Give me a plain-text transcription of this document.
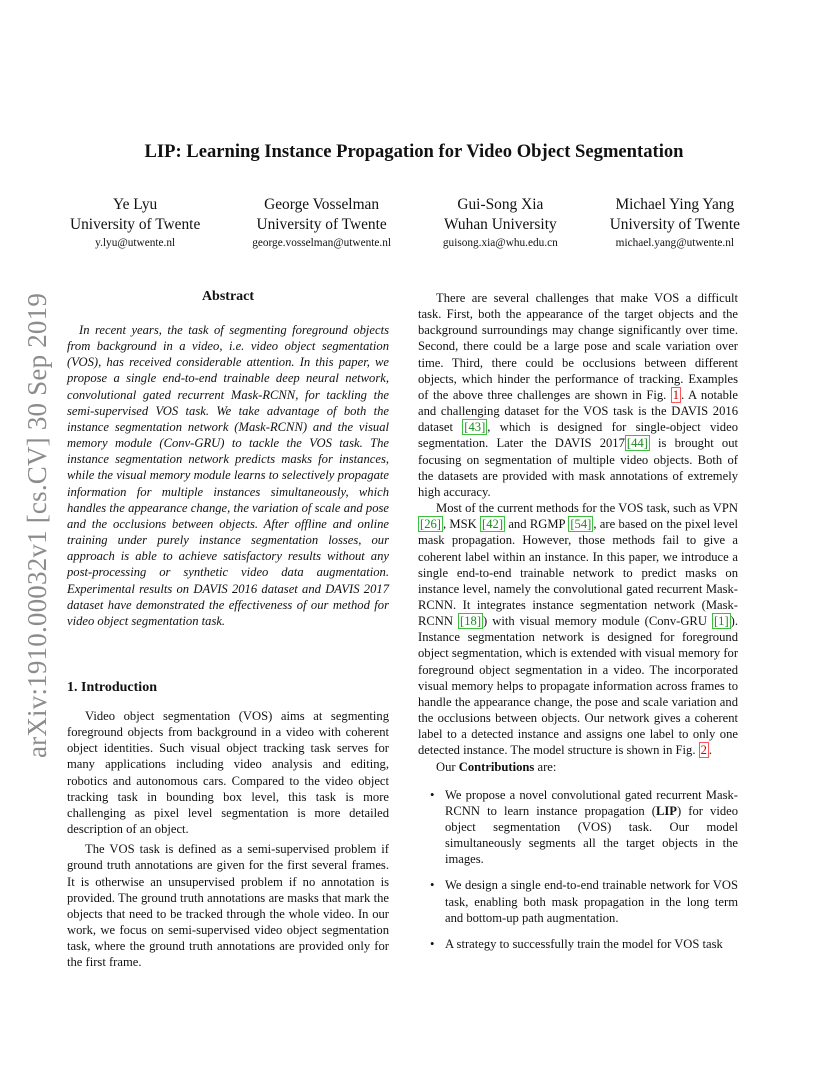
arXiv:1910.00032v1 [cs.CV] 30 Sep 2019
LIP: Learning Instance Propagation for Video Object Segmentation
Ye Lyu
University of Twente
y.lyu@utwente.nl
George Vosselman
University of Twente
george.vosselman@utwente.nl
Gui-Song Xia
Wuhan University
guisong.xia@whu.edu.cn
Michael Ying Yang
University of Twente
michael.yang@utwente.nl
Abstract

In recent years, the task of segmenting foreground objects from background in a video, i.e. video object segmentation (VOS), has received considerable attention. In this paper, we propose a single end-to-end trainable deep neural network, convolutional gated recurrent Mask-RCNN, for tackling the semi-supervised VOS task. We take advantage of both the instance segmentation network (Mask-RCNN) and the visual memory module (Conv-GRU) to tackle the VOS task. The instance segmentation network predicts masks for instances, while the visual memory module learns to selectively propagate information for multiple instances simultaneously, which handles the appearance change, the variation of scale and pose and the occlusions between objects. After offline and online training under purely instance segmentation losses, our approach is able to achieve satisfactory results without any post-processing or synthetic video data augmentation. Experimental results on DAVIS 2016 dataset and DAVIS 2017 dataset have demonstrated the effectiveness of our method for video object segmentation task.

1. Introduction

Video object segmentation (VOS) aims at segmenting foreground objects from background in a video with coherent object identities. Such visual object tracking task serves for many applications including video analysis and editing, robotics and autonomous cars. Compared to the video object tracking task in bounding box level, this task is more challenging as pixel level segmentation is more detailed description of an object.

The VOS task is defined as a semi-supervised problem if ground truth annotations are given for the first several frames. It is otherwise an unsupervised problem if no annotation is provided. The ground truth annotations are masks that mark the objects that need to be tracked through the whole video. In our work, we focus on semi-supervised video object segmentation task, where the ground truth annotations are provided only for the first frame.

There are several challenges that make VOS a difficult task. First, both the appearance of the target objects and the background surroundings may change significantly over time. Second, there could be a large pose and scale variation over time. Third, there could be occlusions between different objects, which hinder the performance of tracking. Examples of the above three challenges are shown in Fig. 1 . A notable and challenging dataset for the VOS task is the DAVIS 2016 dataset [43] , which is designed for single-object video segmentation. Later the DAVIS 2017 [44] is brought out focusing on segmentation of multiple video objects. Both of the datasets are provided with mask annotations of extremely high accuracy.

Most of the current methods for the VOS task, such as VPN [26] , MSK [42] and RGMP [54] , are based on the pixel level mask propagation. However, those methods fail to give a coherent label within an instance. In this paper, we introduce a single end-to-end trainable network to predict masks on instance level, namely the convolutional gated recurrent Mask-RCNN. It integrates instance segmentation network (Mask-RCNN [18] ) with visual memory module (Conv-GRU [1] ). Instance segmentation network is designed for foreground object segmentation, which is extended with visual memory for foreground object segmentation in a video. The incorporated visual memory helps to propagate information across frames to handle the appearance change, the pose and scale variation and the occlusions between objects. Our network gives a coherent label to a detected instance and assigns one label to only one detected instance. The model structure is shown in Fig. 2 .

Our Contributions are:

• We propose a novel convolutional gated recurrent Mask-RCNN to learn instance propagation (LIP) for video object segmentation (VOS) task. Our model simultaneously segments all the target objects in the images.
• We design a single end-to-end trainable network for VOS task, enabling both mask propagation in the long term and bottom-up path augmentation.
• A strategy to successfully train the model for VOS task
